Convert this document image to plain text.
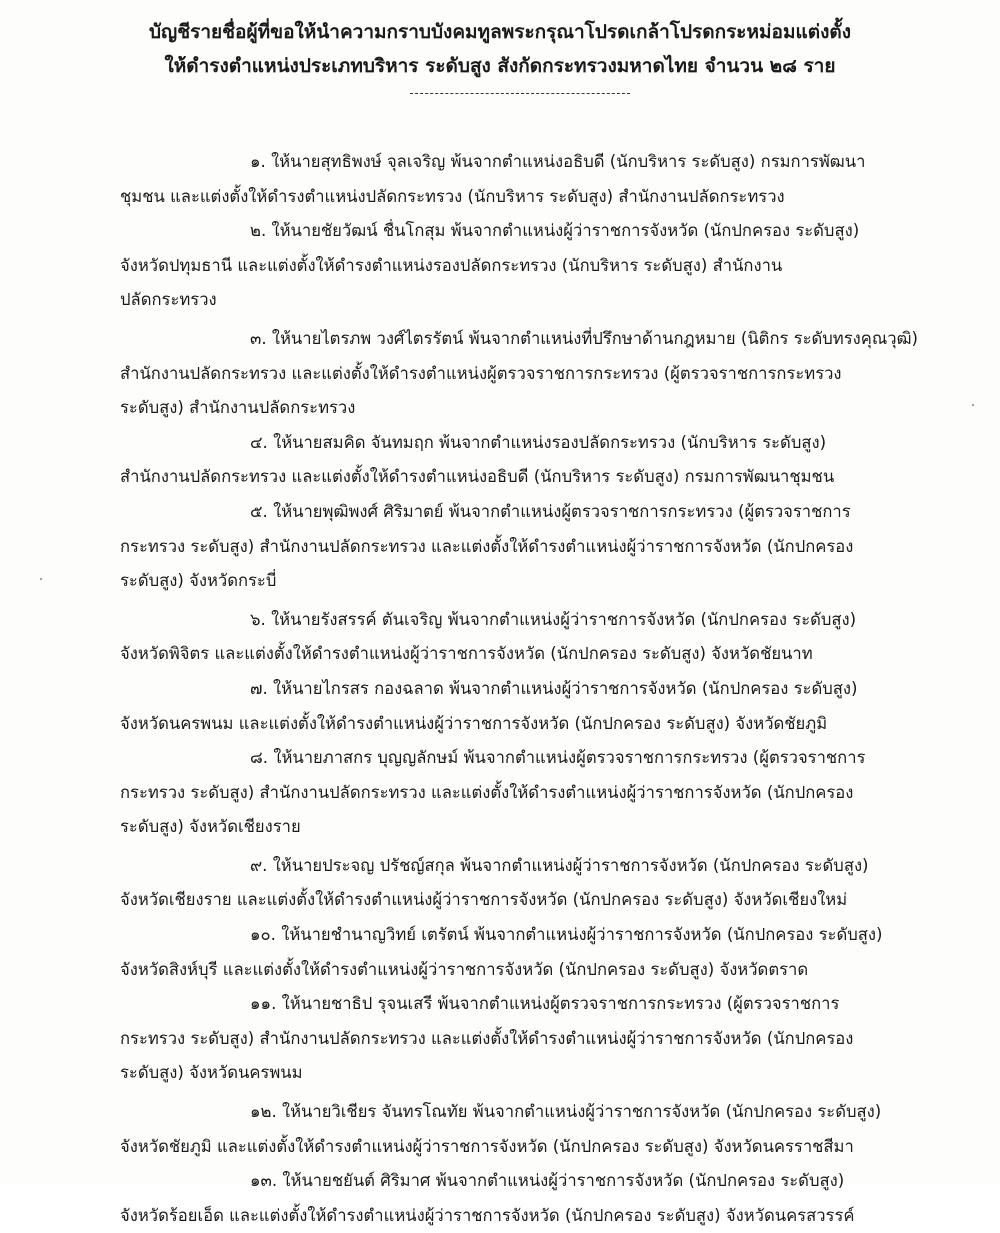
บัญชีรายชื่อผู้ที่ขอให้นำความกราบบังคมทูลพระกรุณาโปรดเกล้าโปรดกระหม่อมแต่งตั้ง
ให้ดำรงตำแหน่งประเภทบริหาร ระดับสูง สังกัดกระทรวงมหาดไทย จำนวน ๒๘ ราย
๑. ให้นายสุทธิพงษ์ จุลเจริญ พ้นจากตำแหน่งอธิบดี (นักบริหาร ระดับสูง) กรมการพัฒนา
ชุมชน และแต่งตั้งให้ดำรงตำแหน่งปลัดกระทรวง (นักบริหาร ระดับสูง) สำนักงานปลัดกระทรวง
๒. ให้นายชัยวัฒน์ ชื่นโกสุม พ้นจากตำแหน่งผู้ว่าราชการจังหวัด (นักปกครอง ระดับสูง)
จังหวัดปทุมธานี และแต่งตั้งให้ดำรงตำแหน่งรองปลัดกระทรวง (นักบริหาร ระดับสูง) สำนักงาน
ปลัดกระทรวง
๓. ให้นายไตรภพ วงศ์ไตรรัตน์ พ้นจากตำแหน่งที่ปรึกษาด้านกฎหมาย (นิติกร ระดับทรงคุณวุฒิ)
สำนักงานปลัดกระทรวง และแต่งตั้งให้ดำรงตำแหน่งผู้ตรวจราชการกระทรวง (ผู้ตรวจราชการกระทรวง
ระดับสูง) สำนักงานปลัดกระทรวง
๔. ให้นายสมคิด จันทมฤก พ้นจากตำแหน่งรองปลัดกระทรวง (นักบริหาร ระดับสูง)
สำนักงานปลัดกระทรวง และแต่งตั้งให้ดำรงตำแหน่งอธิบดี (นักบริหาร ระดับสูง) กรมการพัฒนาชุมชน
๕. ให้นายพุฒิพงศ์ ศิริมาตย์ พ้นจากตำแหน่งผู้ตรวจราชการกระทรวง (ผู้ตรวจราชการ
กระทรวง ระดับสูง) สำนักงานปลัดกระทรวง และแต่งตั้งให้ดำรงตำแหน่งผู้ว่าราชการจังหวัด (นักปกครอง
ระดับสูง) จังหวัดกระบี่
๖. ให้นายรังสรรค์ ตันเจริญ พ้นจากตำแหน่งผู้ว่าราชการจังหวัด (นักปกครอง ระดับสูง)
จังหวัดพิจิตร และแต่งตั้งให้ดำรงตำแหน่งผู้ว่าราชการจังหวัด (นักปกครอง ระดับสูง) จังหวัดชัยนาท
๗. ให้นายไกรสร กองฉลาด พ้นจากตำแหน่งผู้ว่าราชการจังหวัด (นักปกครอง ระดับสูง)
จังหวัดนครพนม และแต่งตั้งให้ดำรงตำแหน่งผู้ว่าราชการจังหวัด (นักปกครอง ระดับสูง) จังหวัดชัยภูมิ
๘. ให้นายภาสกร บุญญลักษม์ พ้นจากตำแหน่งผู้ตรวจราชการกระทรวง (ผู้ตรวจราชการ
กระทรวง ระดับสูง) สำนักงานปลัดกระทรวง และแต่งตั้งให้ดำรงตำแหน่งผู้ว่าราชการจังหวัด (นักปกครอง
ระดับสูง) จังหวัดเชียงราย
๙. ให้นายประจญ ปรัชญ์สกุล พ้นจากตำแหน่งผู้ว่าราชการจังหวัด (นักปกครอง ระดับสูง)
จังหวัดเชียงราย และแต่งตั้งให้ดำรงตำแหน่งผู้ว่าราชการจังหวัด (นักปกครอง ระดับสูง) จังหวัดเชียงใหม่
๑๐. ให้นายชำนาญวิทย์ เตรัตน์ พ้นจากตำแหน่งผู้ว่าราชการจังหวัด (นักปกครอง ระดับสูง)
จังหวัดสิงห์บุรี และแต่งตั้งให้ดำรงตำแหน่งผู้ว่าราชการจังหวัด (นักปกครอง ระดับสูง) จังหวัดตราด
๑๑. ให้นายชาธิป รุจนเสรี พ้นจากตำแหน่งผู้ตรวจราชการกระทรวง (ผู้ตรวจราชการ
กระทรวง ระดับสูง) สำนักงานปลัดกระทรวง และแต่งตั้งให้ดำรงตำแหน่งผู้ว่าราชการจังหวัด (นักปกครอง
ระดับสูง) จังหวัดนครพนม
๑๒. ให้นายวิเชียร จันทรโณทัย พ้นจากตำแหน่งผู้ว่าราชการจังหวัด (นักปกครอง ระดับสูง)
จังหวัดชัยภูมิ และแต่งตั้งให้ดำรงตำแหน่งผู้ว่าราชการจังหวัด (นักปกครอง ระดับสูง) จังหวัดนครราชสีมา
๑๓. ให้นายชยันต์ ศิริมาศ พ้นจากตำแหน่งผู้ว่าราชการจังหวัด (นักปกครอง ระดับสูง)
จังหวัดร้อยเอ็ด และแต่งตั้งให้ดำรงตำแหน่งผู้ว่าราชการจังหวัด (นักปกครอง ระดับสูง) จังหวัดนครสวรรค์
